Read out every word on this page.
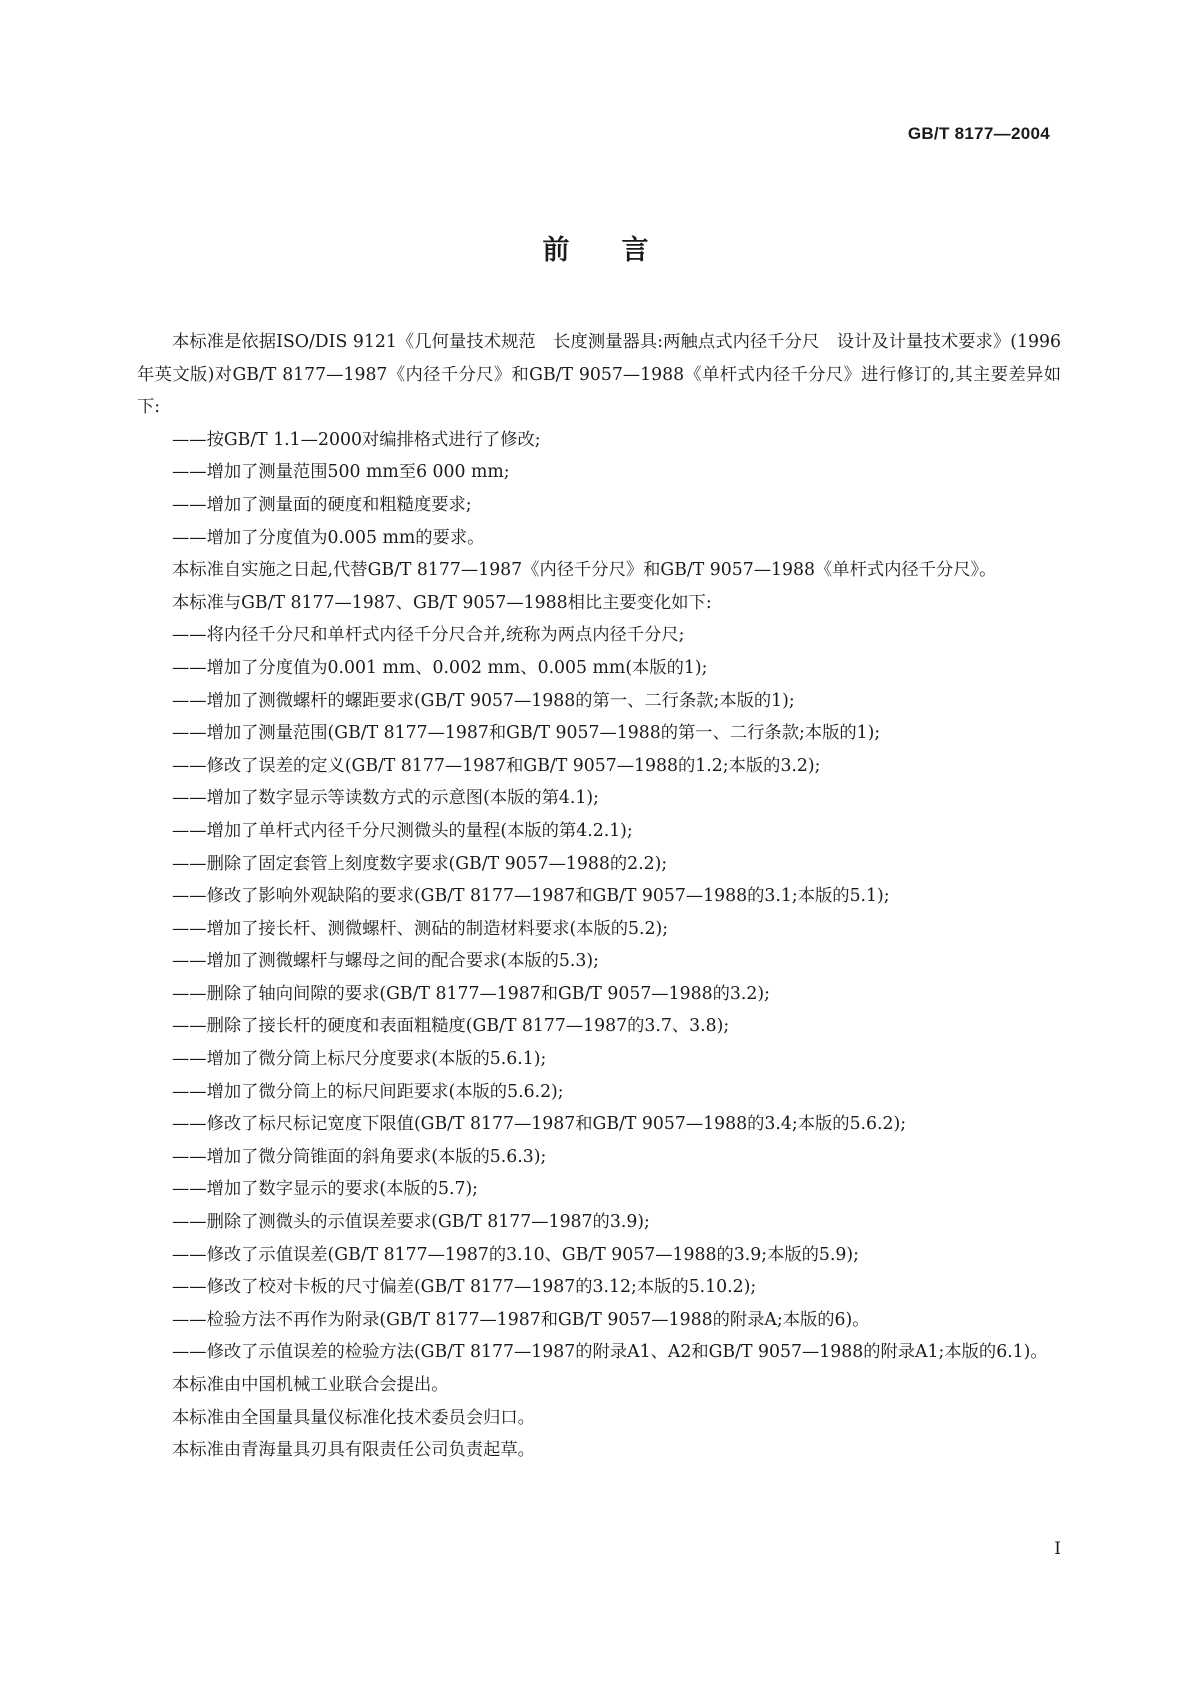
GB/T 8177—2004
前言

本标准是依据ISO/DIS 9121《几何量技术规范　长度测量器具:两触点式内径千分尺　设计及计量技术要求》(1996年英文版)对GB/T 8177—1987《内径千分尺》和GB/T 9057—1988《单杆式内径千分尺》进行修订的,其主要差异如下:

——按GB/T 1.1—2000对编排格式进行了修改;

——增加了测量范围500 mm至6 000 mm;

——增加了测量面的硬度和粗糙度要求;

——增加了分度值为0.005 mm的要求。

本标准自实施之日起,代替GB/T 8177—1987《内径千分尺》和GB/T 9057—1988《单杆式内径千分尺》。

本标准与GB/T 8177—1987、GB/T 9057—1988相比主要变化如下:

——将内径千分尺和单杆式内径千分尺合并,统称为两点内径千分尺;

——增加了分度值为0.001 mm、0.002 mm、0.005 mm(本版的1);

——增加了测微螺杆的螺距要求(GB/T 9057—1988的第一、二行条款;本版的1);

——增加了测量范围(GB/T 8177—1987和GB/T 9057—1988的第一、二行条款;本版的1);

——修改了误差的定义(GB/T 8177—1987和GB/T 9057—1988的1.2;本版的3.2);

——增加了数字显示等读数方式的示意图(本版的第4.1);

——增加了单杆式内径千分尺测微头的量程(本版的第4.2.1);

——删除了固定套管上刻度数字要求(GB/T 9057—1988的2.2);

——修改了影响外观缺陷的要求(GB/T 8177—1987和GB/T 9057—1988的3.1;本版的5.1);

——增加了接长杆、测微螺杆、测砧的制造材料要求(本版的5.2);

——增加了测微螺杆与螺母之间的配合要求(本版的5.3);

——删除了轴向间隙的要求(GB/T 8177—1987和GB/T 9057—1988的3.2);

——删除了接长杆的硬度和表面粗糙度(GB/T 8177—1987的3.7、3.8);

——增加了微分筒上标尺分度要求(本版的5.6.1);

——增加了微分筒上的标尺间距要求(本版的5.6.2);

——修改了标尺标记宽度下限值(GB/T 8177—1987和GB/T 9057—1988的3.4;本版的5.6.2);

——增加了微分筒锥面的斜角要求(本版的5.6.3);

——增加了数字显示的要求(本版的5.7);

——删除了测微头的示值误差要求(GB/T 8177—1987的3.9);

——修改了示值误差(GB/T 8177—1987的3.10、GB/T 9057—1988的3.9;本版的5.9);

——修改了校对卡板的尺寸偏差(GB/T 8177—1987的3.12;本版的5.10.2);

——检验方法不再作为附录(GB/T 8177—1987和GB/T 9057—1988的附录A;本版的6)。

——修改了示值误差的检验方法(GB/T 8177—1987的附录A1、A2和GB/T 9057—1988的附录A1;本版的6.1)。

本标准由中国机械工业联合会提出。

本标准由全国量具量仪标准化技术委员会归口。

本标准由青海量具刃具有限责任公司负责起草。

I
